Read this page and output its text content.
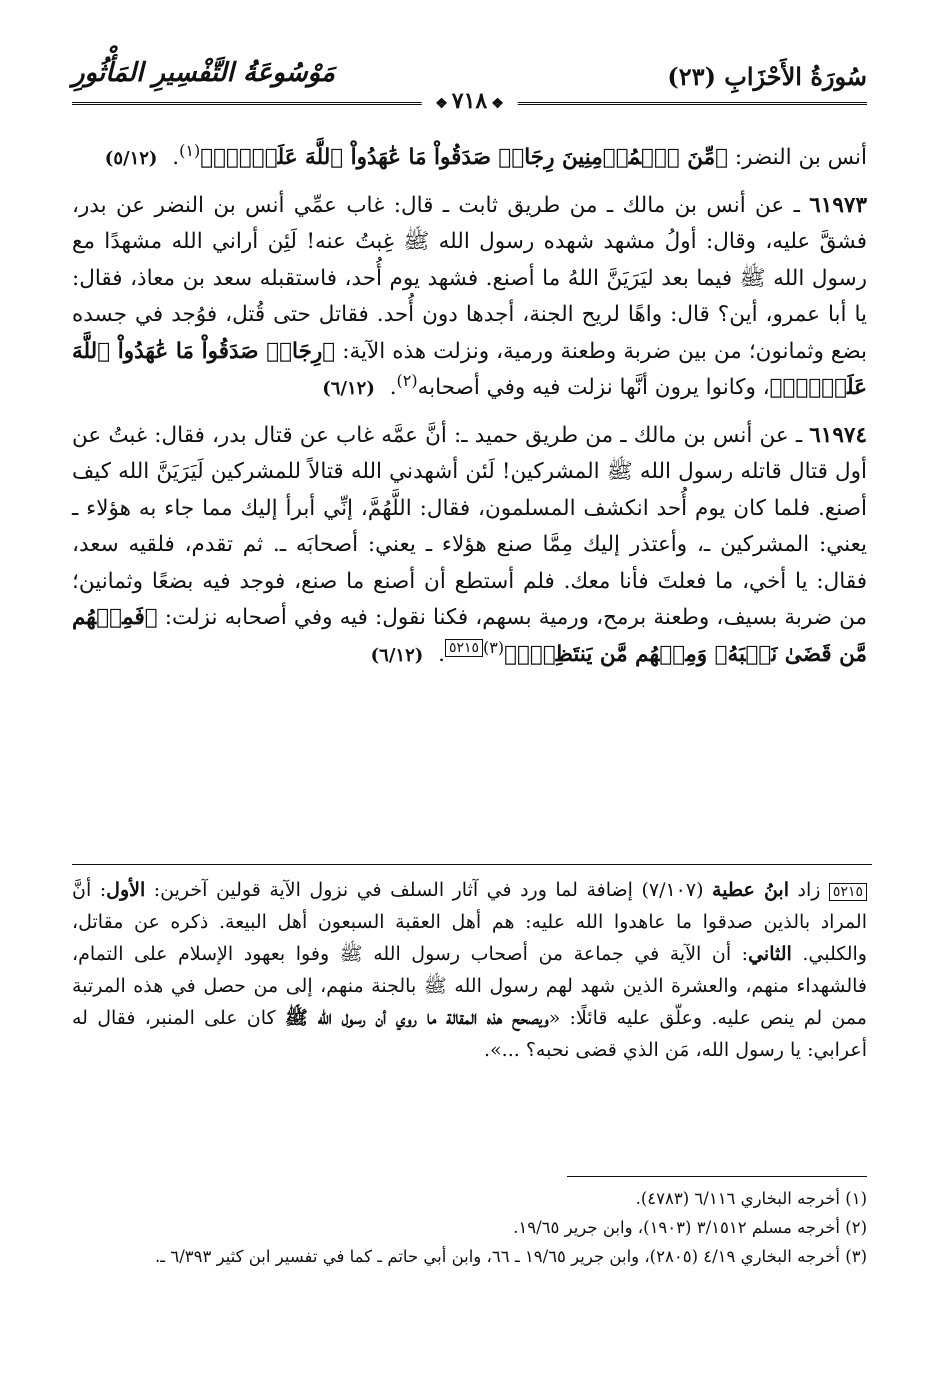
سُورَةُ الأَحْزَابِ (٢٣)
مَوْسُوعَةُ التَّفْسِيرِ المَأْثُورِ
❖٧١٨❖

أنس بن النضر: ﴿مِّنَ ٱلۡمُؤۡمِنِينَ رِجَالٞ صَدَقُواْ مَا عَٰهَدُواْ ٱللَّهَ عَلَيۡهِۖ﴾$^{(١)}$. (٥/١٢)

٦١٩٧٣ ـ عن أنس بن مالك ـ من طريق ثابت ـ قال: غاب عمِّي أنس بن النضر عن بدر، فشقَّ عليه، وقال: أولُ مشهد شهده رسول الله ﷺ غِبتُ عنه! لَئِن أراني الله مشهدًا مع رسول الله ﷺ فيما بعد ليَرَيَنَّ اللهُ ما أصنع. فشهد يوم أُحد، فاستقبله سعد بن معاذ، فقال: يا أبا عمرو، أين؟ قال: واهًا لريح الجنة، أجدها دون أُحد. فقاتل حتى قُتل، فوُجد في جسده بضع وثمانون؛ من بين ضربة وطعنة ورمية، ونزلت هذه الآية: ﴿رِجَالٞ صَدَقُواْ مَا عَٰهَدُواْ ٱللَّهَ عَلَيۡهِۖ﴾، وكانوا يرون أنَّها نزلت فيه وفي أصحابه$^{(٢)}$. (٦/١٢)

٦١٩٧٤ ـ عن أنس بن مالك ـ من طريق حميد ـ: أنَّ عمَّه غاب عن قتال بدر، فقال: غبتُ عن أول قتال قاتله رسول الله ﷺ المشركين! لَئن أشهدني الله قتالاً للمشركين لَيَرَيَنَّ الله كيف أصنع. فلما كان يوم أُحد انكشف المسلمون، فقال: اللَّهُمَّ، إنِّي أبرأ إليك مما جاء به هؤلاء ـ يعني: المشركين ـ، وأعتذر إليك مِمَّا صنع هؤلاء ـ يعني: أصحابَه ـ. ثم تقدم، فلقيه سعد، فقال: يا أخي، ما فعلتَ فأنا معك. فلم أستطع أن أصنع ما صنع، فوجد فيه بضعًا وثمانين؛ من ضربة بسيف، وطعنة برمح، ورمية بسهم، فكنا نقول: فيه وفي أصحابه نزلت: ﴿فَمِنۡهُم مَّن قَضَىٰ نَحۡبَهُۥ وَمِنۡهُم مَّن يَنتَظِرُۖ﴾$^{(٣)}$٥٢١٥. (٦/١٢)

٥٢١٥ زاد ابنُ عطية (٧/١٠٧) إضافة لما ورد في آثار السلف في نزول الآية قولين آخرين: الأول: أنَّ المراد بالذين صدقوا ما عاهدوا الله عليه: هم أهل العقبة السبعون أهل البيعة. ذكره عن مقاتل، والكلبي. الثاني: أن الآية في جماعة من أصحاب رسول الله ﷺ وفوا بعهود الإسلام على التمام، فالشهداء منهم، والعشرة الذين شهد لهم رسول الله ﷺ بالجنة منهم، إلى من حصل في هذه المرتبة ممن لم ينص عليه. وعلّق عليه قائلًا: «ويصحح هذه المقالة ما روي أن رسول الله ﷺ كان على المنبر، فقال له أعرابي: يا رسول الله، مَن الذي قضى نحبه؟ ...».

(١) أخرجه البخاري ٦/١١٦ (٤٧٨٣).

(٢) أخرجه مسلم ٣/١٥١٢ (١٩٠٣)، وابن جرير ١٩/٦٥.

(٣) أخرجه البخاري ٤/١٩ (٢٨٠٥)، وابن جرير ١٩/٦٥ ـ ٦٦، وابن أبي حاتم ـ كما في تفسير ابن كثير ٦/٣٩٣ ـ.
